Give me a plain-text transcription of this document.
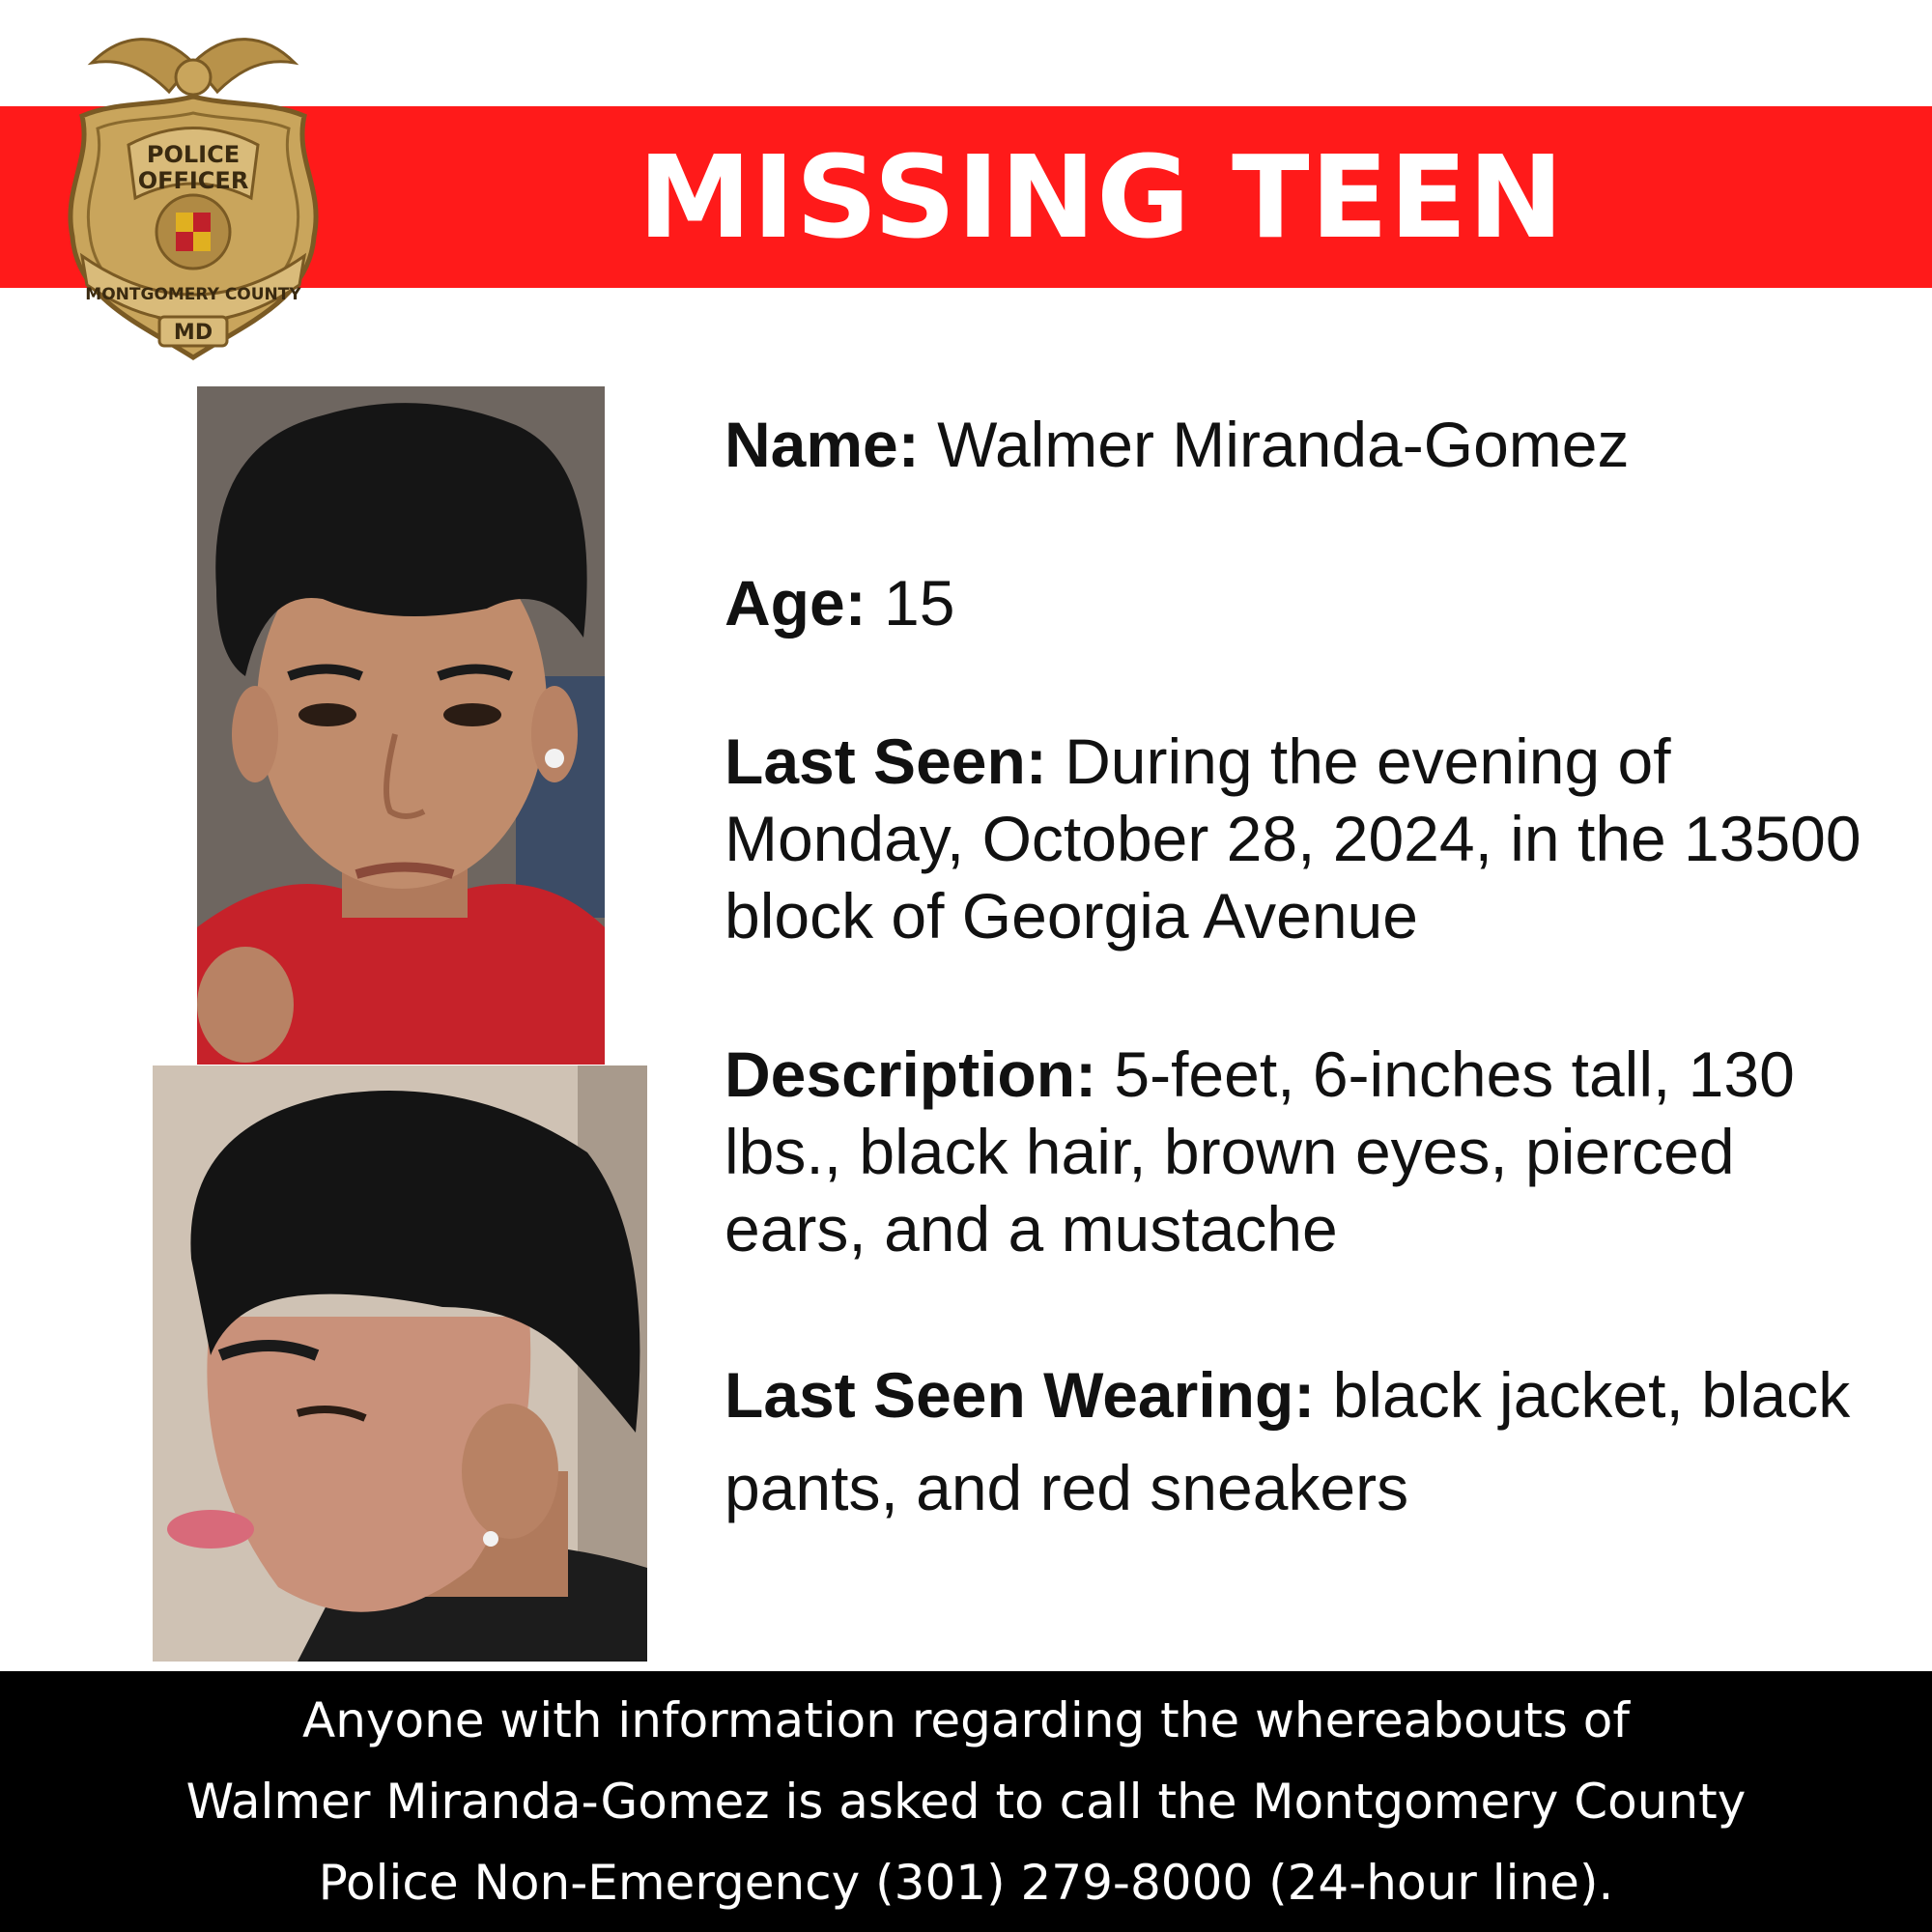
MISSING TEEN
POLICE
OFFICER
MONTGOMERY COUNTY
MD

Name: Walmer Miranda-Gomez

Age: 15

Last Seen: During the evening of Monday, October 28, 2024, in the 13500 block of Georgia Avenue

Description: 5-feet, 6-inches tall, 130 lbs., black hair, brown eyes, pierced ears, and a mustache

Last Seen Wearing: black jacket, black pants, and red sneakers

Anyone with information regarding the whereabouts of
Walmer Miranda-Gomez is asked to call the Montgomery County
Police Non-Emergency (301) 279-8000 (24-hour line).
